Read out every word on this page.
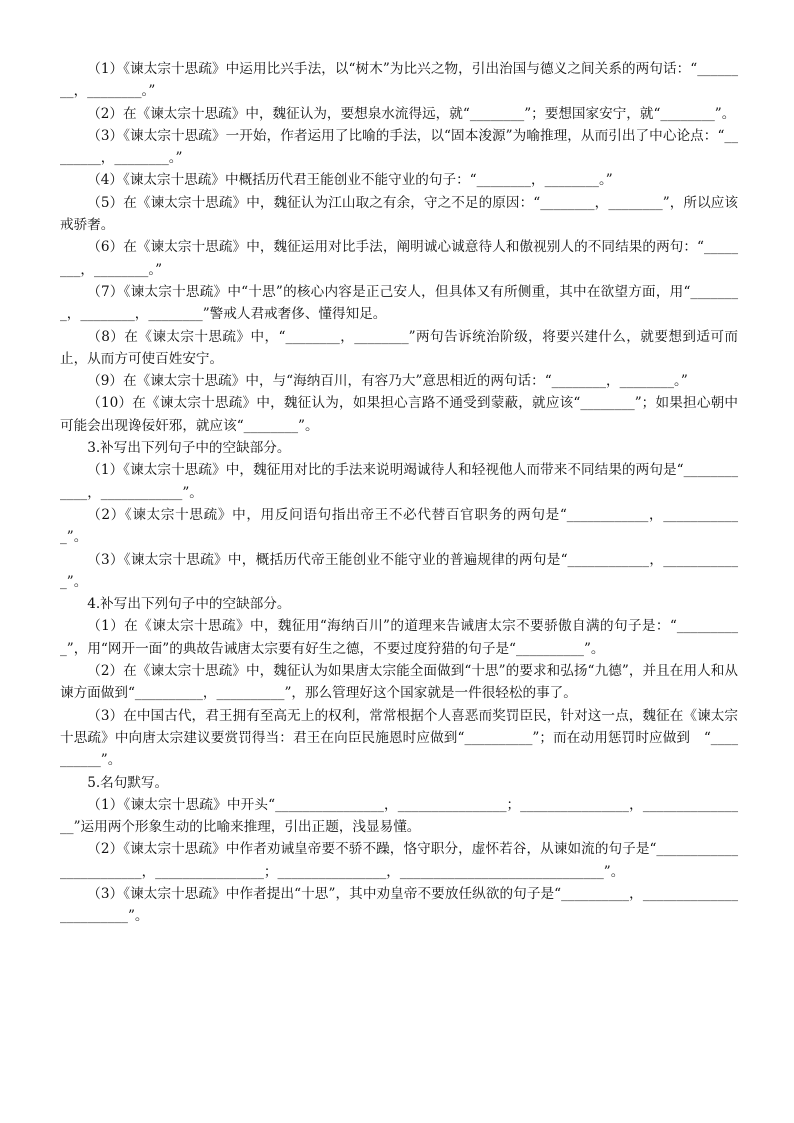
（1）《谏太宗十思疏》中运用比兴手法，以“树木”为比兴之物，引出治国与德义之间关系的两句话：“________，________。”

（2）在《谏太宗十思疏》中，魏征认为，要想泉水流得远，就“________”；要想国家安宁，就“________”。

（3）《谏太宗十思疏》一开始，作者运用了比喻的手法，以“固本浚源”为喻推理，从而引出了中心论点：“________，________。”

（4）《谏太宗十思疏》中概括历代君王能创业不能守业的句子：“________，________。”

（5）在《谏太宗十思疏》中，魏征认为江山取之有余，守之不足的原因：“________，________”，所以应该戒骄奢。

（6）在《谏太宗十思疏》中，魏征运用对比手法，阐明诚心诚意待人和傲视别人的不同结果的两句：“________，________。”

（7）《谏太宗十思疏》中“十思”的核心内容是正己安人，但具体又有所侧重，其中在欲望方面，用“________，________，________”警戒人君戒奢侈、懂得知足。

（8）在《谏太宗十思疏》中，“________，________”两句告诉统治阶级，将要兴建什么，就要想到适可而止，从而方可使百姓安宁。

（9）在《谏太宗十思疏》中，与“海纳百川，有容乃大”意思相近的两句话：“________，________。”

（10）在《谏太宗十思疏》中，魏征认为，如果担心言路不通受到蒙蔽，就应该“________”；如果担心朝中可能会出现谗佞奸邪，就应该“________”。

3.补写出下列句子中的空缺部分。

（1）《谏太宗十思疏》中，魏征用对比的手法来说明竭诚待人和轻视他人而带来不同结果的两句是“____________，____________”。

（2）《谏太宗十思疏》中，用反问语句指出帝王不必代替百官职务的两句是“____________，____________”。

（3）《谏太宗十思疏》中，概括历代帝王能创业不能守业的普遍规律的两句是“____________，____________”。

4.补写出下列句子中的空缺部分。

（1）在《谏太宗十思疏》中，魏征用“海纳百川”的道理来告诫唐太宗不要骄傲自满的句子是：“__________”，用“网开一面”的典故告诫唐太宗要有好生之德，不要过度狩猎的句子是“__________”。

（2）在《谏太宗十思疏》中，魏征认为如果唐太宗能全面做到“十思”的要求和弘扬“九德”，并且在用人和从谏方面做到“__________，__________”，那么管理好这个国家就是一件很轻松的事了。

（3）在中国古代，君王拥有至高无上的权利，常常根据个人喜恶而奖罚臣民，针对这一点，魏征在《谏太宗十思疏》中向唐太宗建议要赏罚得当：君王在向臣民施恩时应做到“__________”；而在动用惩罚时应做到　“__________”。

5.名句默写。

（1）《谏太宗十思疏》中开头“________________，________________；________________，________________”运用两个形象生动的比喻来推理，引出正题，浅显易懂。

（2）《谏太宗十思疏》中作者劝诫皇帝要不骄不躁，恪守职分，虚怀若谷，从谏如流的句子是“________________________，________________；________________，______________________________”。

（3）《谏太宗十思疏》中作者提出“十思”，其中劝皇帝不要放任纵欲的句子是“__________，________________________”。
